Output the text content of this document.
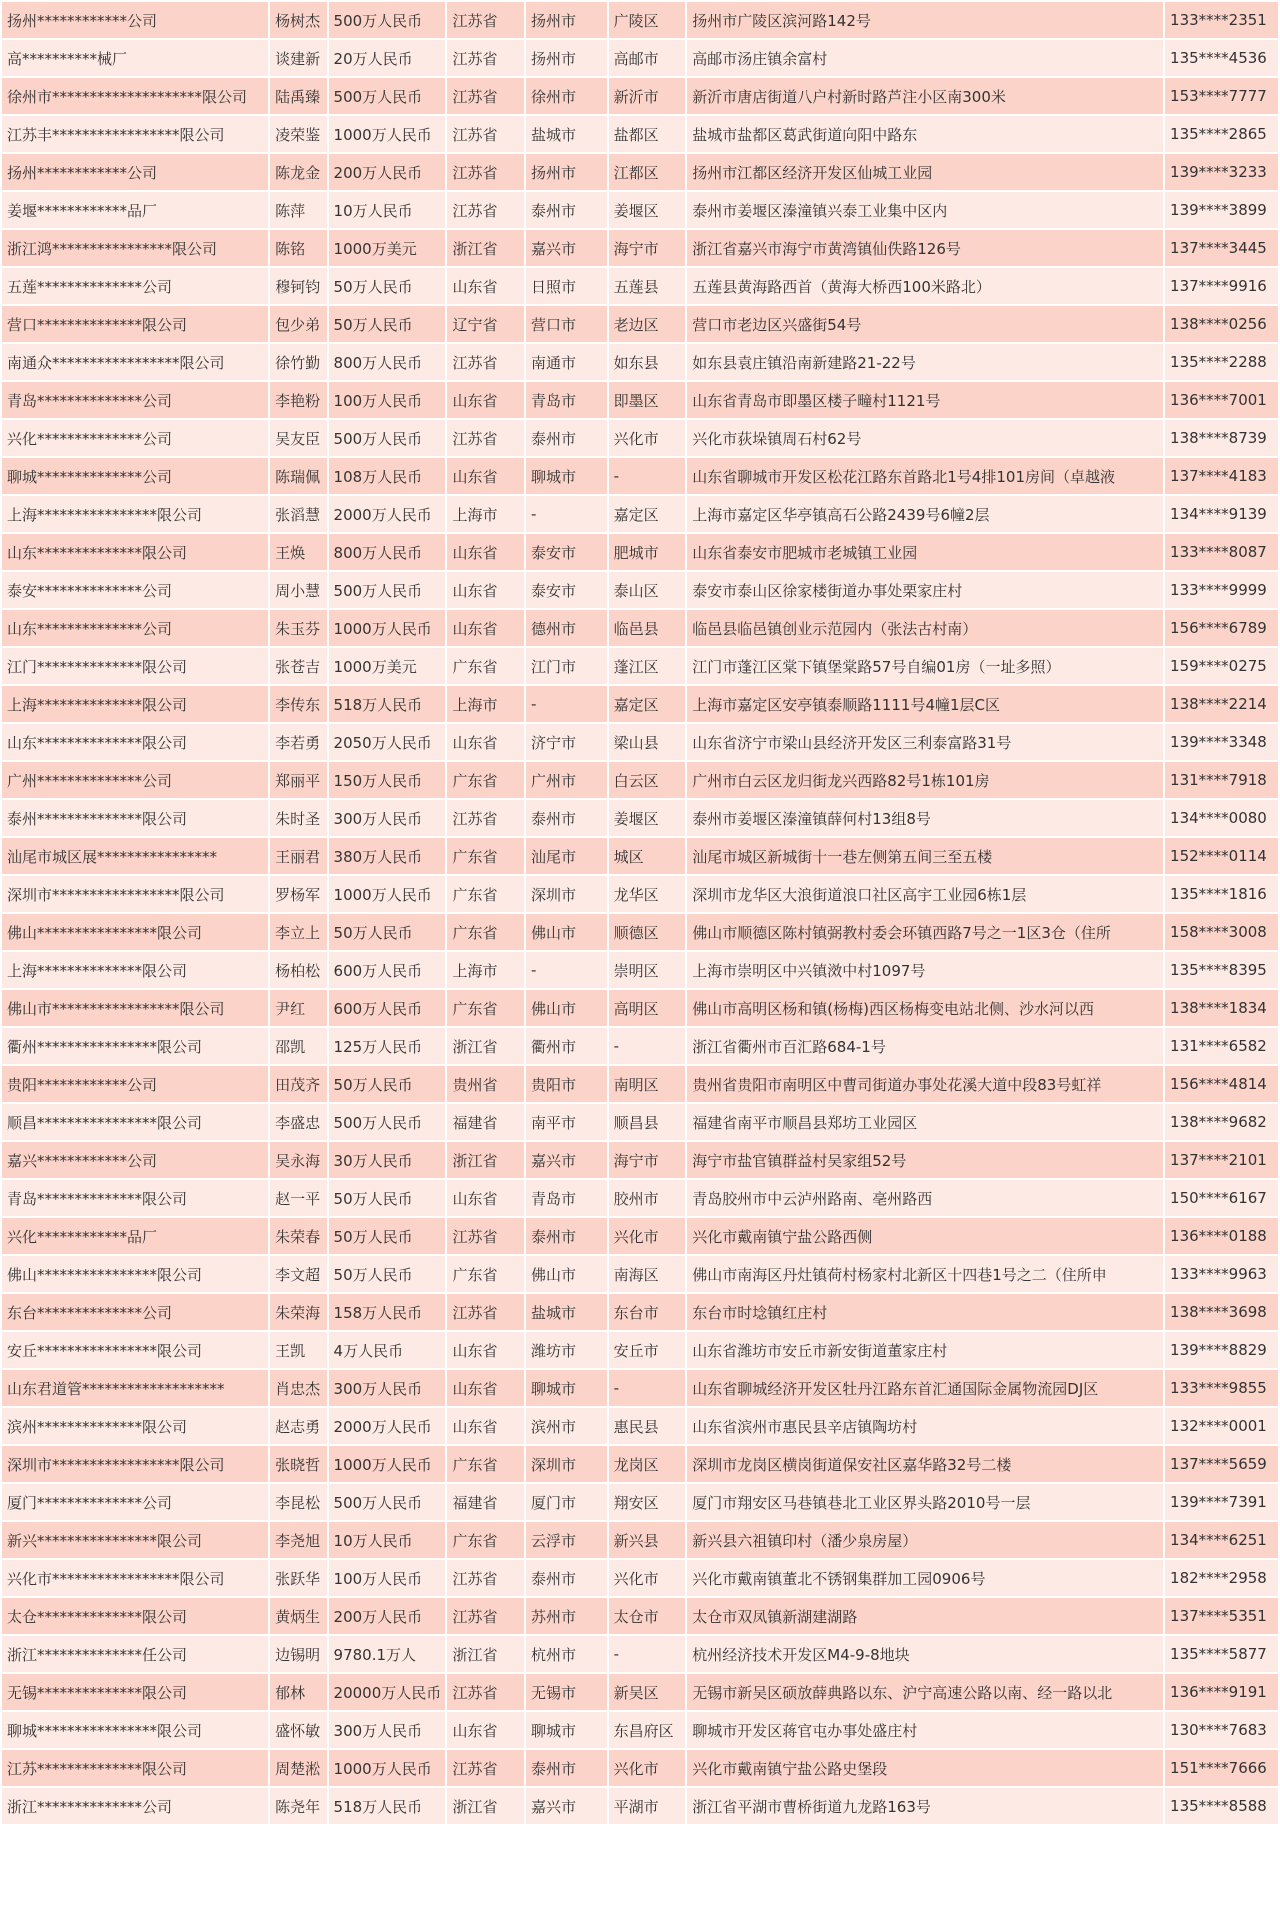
扬州************公司	杨树杰	500万人民币	江苏省	扬州市	广陵区	扬州市广陵区滨河路142号	133****2351
高**********械厂	谈建新	20万人民币	江苏省	扬州市	高邮市	高邮市汤庄镇余富村	135****4536
徐州市********************限公司	陆禹臻	500万人民币	江苏省	徐州市	新沂市	新沂市唐店街道八户村新时路芦注小区南300米	153****7777
江苏丰*****************限公司	凌荣鉴	1000万人民币	江苏省	盐城市	盐都区	盐城市盐都区葛武街道向阳中路东	135****2865
扬州************公司	陈龙金	200万人民币	江苏省	扬州市	江都区	扬州市江都区经济开发区仙城工业园	139****3233
姜堰************品厂	陈萍	10万人民币	江苏省	泰州市	姜堰区	泰州市姜堰区溱潼镇兴泰工业集中区内	139****3899
浙江鸿****************限公司	陈铭	1000万美元	浙江省	嘉兴市	海宁市	浙江省嘉兴市海宁市黄湾镇仙佚路126号	137****3445
五莲**************公司	穆钶钧	50万人民币	山东省	日照市	五莲县	五莲县黄海路西首（黄海大桥西100米路北）	137****9916
营口**************限公司	包少弟	50万人民币	辽宁省	营口市	老边区	营口市老边区兴盛街54号	138****0256
南通众*****************限公司	徐竹勤	800万人民币	江苏省	南通市	如东县	如东县袁庄镇沿南新建路21-22号	135****2288
青岛**************公司	李艳粉	100万人民币	山东省	青岛市	即墨区	山东省青岛市即墨区楼子疃村1121号	136****7001
兴化**************公司	吴友臣	500万人民币	江苏省	泰州市	兴化市	兴化市荻垛镇周石村62号	138****8739
聊城**************公司	陈瑞佩	108万人民币	山东省	聊城市	-	山东省聊城市开发区松花江路东首路北1号4排101房间（卓越液	137****4183
上海****************限公司	张滔慧	2000万人民币	上海市	-	嘉定区	上海市嘉定区华亭镇高石公路2439号6幢2层	134****9139
山东**************限公司	王焕	800万人民币	山东省	泰安市	肥城市	山东省泰安市肥城市老城镇工业园	133****8087
泰安**************公司	周小慧	500万人民币	山东省	泰安市	泰山区	泰安市泰山区徐家楼街道办事处栗家庄村	133****9999
山东**************公司	朱玉芬	1000万人民币	山东省	德州市	临邑县	临邑县临邑镇创业示范园内（张法古村南）	156****6789
江门**************限公司	张苍吉	1000万美元	广东省	江门市	蓬江区	江门市蓬江区棠下镇堡棠路57号自编01房（一址多照）	159****0275
上海**************限公司	李传东	518万人民币	上海市	-	嘉定区	上海市嘉定区安亭镇泰顺路1111号4幢1层C区	138****2214
山东**************限公司	李若勇	2050万人民币	山东省	济宁市	梁山县	山东省济宁市梁山县经济开发区三利泰富路31号	139****3348
广州**************公司	郑丽平	150万人民币	广东省	广州市	白云区	广州市白云区龙归街龙兴西路82号1栋101房	131****7918
泰州**************限公司	朱时圣	300万人民币	江苏省	泰州市	姜堰区	泰州市姜堰区溱潼镇薛何村13组8号	134****0080
汕尾市城区展****************	王丽君	380万人民币	广东省	汕尾市	城区	汕尾市城区新城街十一巷左侧第五间三至五楼	152****0114
深圳市*****************限公司	罗杨军	1000万人民币	广东省	深圳市	龙华区	深圳市龙华区大浪街道浪口社区高宇工业园6栋1层	135****1816
佛山****************限公司	李立上	50万人民币	广东省	佛山市	顺德区	佛山市顺德区陈村镇弼教村委会环镇西路7号之一1区3仓（住所	158****3008
上海**************限公司	杨柏松	600万人民币	上海市	-	崇明区	上海市崇明区中兴镇滧中村1097号	135****8395
佛山市*****************限公司	尹红	600万人民币	广东省	佛山市	高明区	佛山市高明区杨和镇(杨梅)西区杨梅变电站北侧、沙水河以西	138****1834
衢州****************限公司	邵凯	125万人民币	浙江省	衢州市	-	浙江省衢州市百汇路684-1号	131****6582
贵阳************公司	田茂齐	50万人民币	贵州省	贵阳市	南明区	贵州省贵阳市南明区中曹司街道办事处花溪大道中段83号虹祥	156****4814
顺昌****************限公司	李盛忠	500万人民币	福建省	南平市	顺昌县	福建省南平市顺昌县郑坊工业园区	138****9682
嘉兴************公司	吴永海	30万人民币	浙江省	嘉兴市	海宁市	海宁市盐官镇群益村吴家组52号	137****2101
青岛**************限公司	赵一平	50万人民币	山东省	青岛市	胶州市	青岛胶州市中云泸州路南、亳州路西	150****6167
兴化************品厂	朱荣春	50万人民币	江苏省	泰州市	兴化市	兴化市戴南镇宁盐公路西侧	136****0188
佛山****************限公司	李文超	50万人民币	广东省	佛山市	南海区	佛山市南海区丹灶镇荷村杨家村北新区十四巷1号之二（住所申	133****9963
东台**************公司	朱荣海	158万人民币	江苏省	盐城市	东台市	东台市时埝镇红庄村	138****3698
安丘****************限公司	王凯	4万人民币	山东省	潍坊市	安丘市	山东省潍坊市安丘市新安街道董家庄村	139****8829
山东君道管*******************	肖忠杰	300万人民币	山东省	聊城市	-	山东省聊城经济开发区牡丹江路东首汇通国际金属物流园DJ区	133****9855
滨州**************限公司	赵志勇	2000万人民币	山东省	滨州市	惠民县	山东省滨州市惠民县辛店镇陶坊村	132****0001
深圳市*****************限公司	张晓哲	1000万人民币	广东省	深圳市	龙岗区	深圳市龙岗区横岗街道保安社区嘉华路32号二楼	137****5659
厦门**************公司	李昆松	500万人民币	福建省	厦门市	翔安区	厦门市翔安区马巷镇巷北工业区界头路2010号一层	139****7391
新兴****************限公司	李尧旭	10万人民币	广东省	云浮市	新兴县	新兴县六祖镇印村（潘少泉房屋）	134****6251
兴化市*****************限公司	张跃华	100万人民币	江苏省	泰州市	兴化市	兴化市戴南镇董北不锈钢集群加工园0906号	182****2958
太仓**************限公司	黄炳生	200万人民币	江苏省	苏州市	太仓市	太仓市双凤镇新湖建湖路	137****5351
浙江**************任公司	边锡明	9780.1万人	浙江省	杭州市	-	杭州经济技术开发区M4-9-8地块	135****5877
无锡**************限公司	郁林	20000万人民币	江苏省	无锡市	新吴区	无锡市新吴区硕放薛典路以东、沪宁高速公路以南、经一路以北	136****9191
聊城****************限公司	盛怀敏	300万人民币	山东省	聊城市	东昌府区	聊城市开发区蒋官屯办事处盛庄村	130****7683
江苏**************限公司	周楚淞	1000万人民币	江苏省	泰州市	兴化市	兴化市戴南镇宁盐公路史堡段	151****7666
浙江**************公司	陈尧年	518万人民币	浙江省	嘉兴市	平湖市	浙江省平湖市曹桥街道九龙路163号	135****8588
